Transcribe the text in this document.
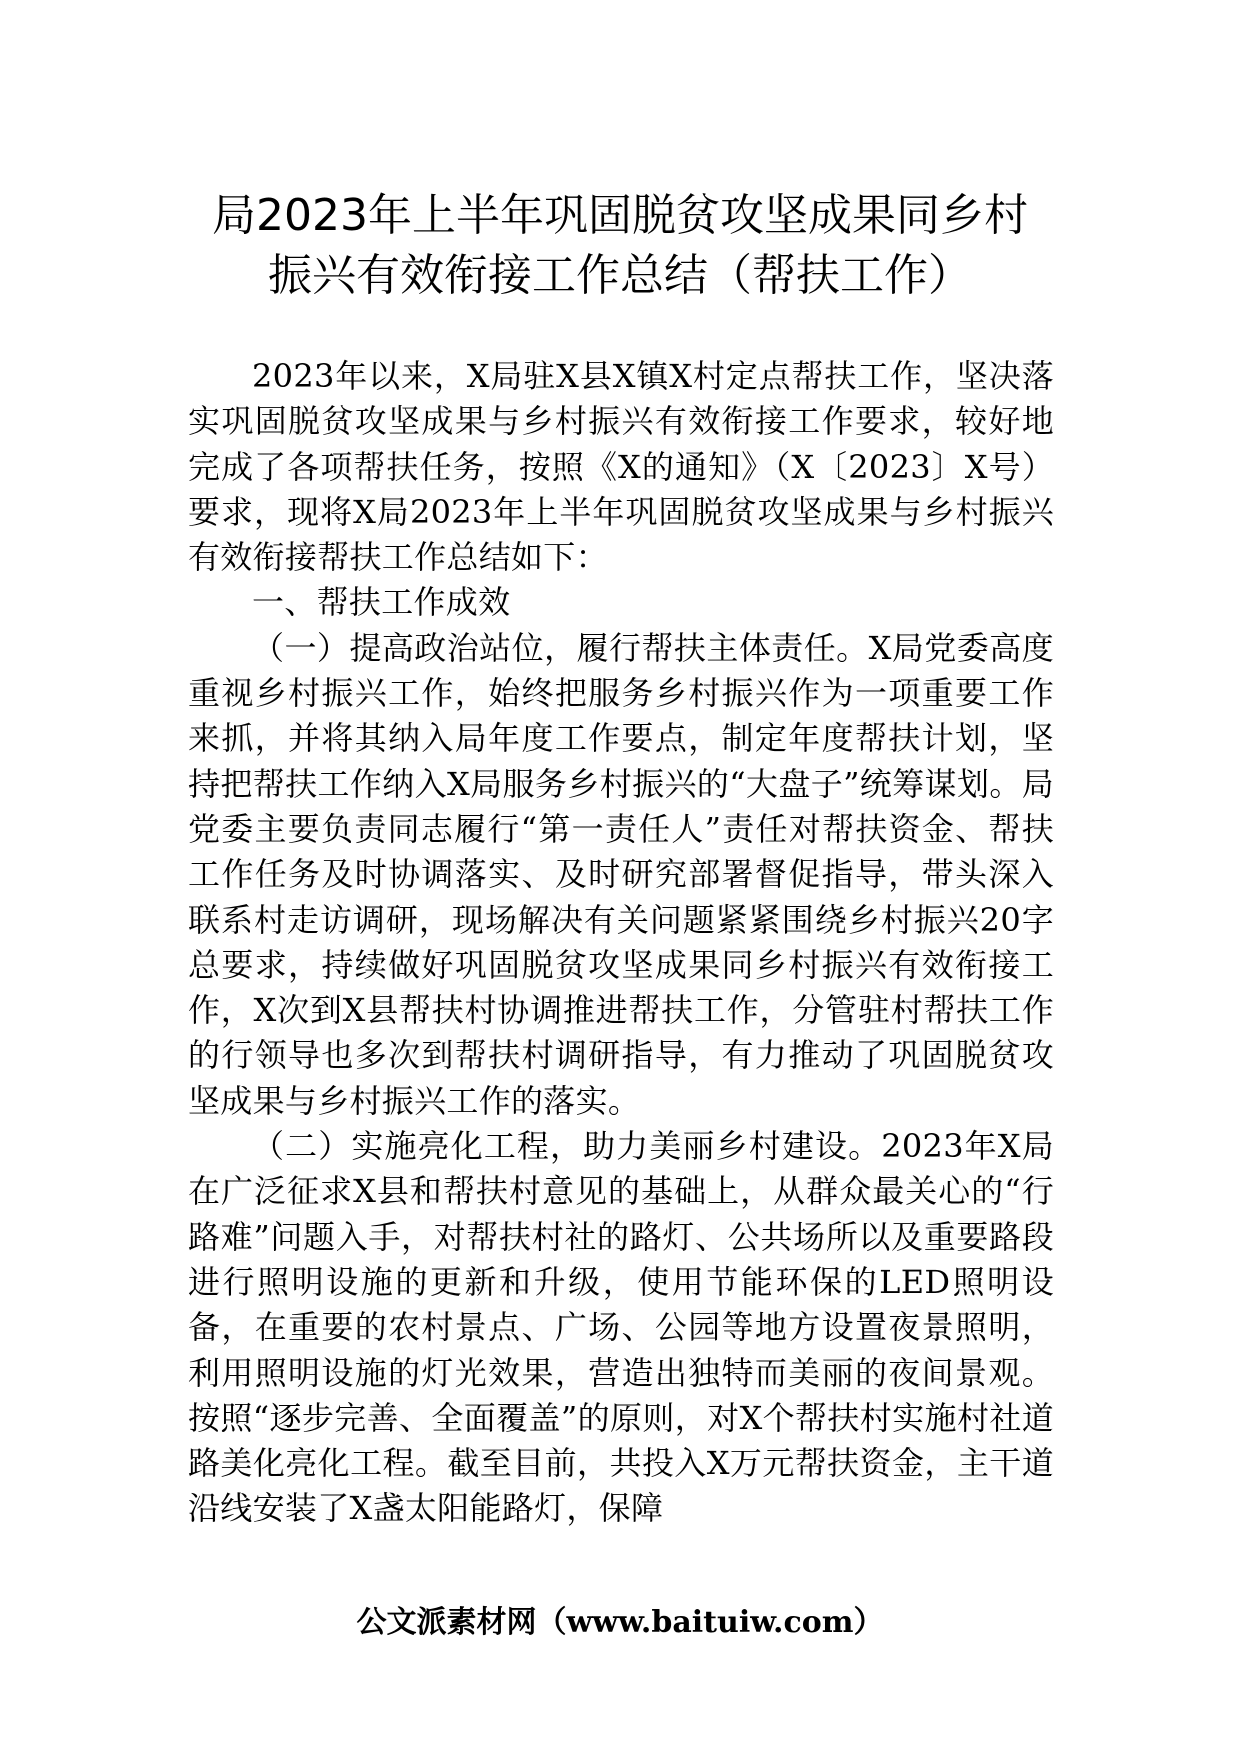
局2023年上半年巩固脱贫攻坚成果同乡村
振兴有效衔接工作总结（帮扶工作）

2023年以来，X局驻X县X镇X村定点帮扶工作，坚决落实巩固脱贫攻坚成果与乡村振兴有效衔接工作要求，较好地完成了各项帮扶任务，按照《X的通知》（X〔2023〕X号）要求，现将X局2023年上半年巩固脱贫攻坚成果与乡村振兴有效衔接帮扶工作总结如下：

一、帮扶工作成效

（一）提高政治站位，履行帮扶主体责任。X局党委高度重视乡村振兴工作，始终把服务乡村振兴作为一项重要工作来抓，并将其纳入局年度工作要点，制定年度帮扶计划，坚持把帮扶工作纳入X局服务乡村振兴的“大盘子”统筹谋划。局党委主要负责同志履行“第一责任人”责任对帮扶资金、帮扶工作任务及时协调落实、及时研究部署督促指导，带头深入联系村走访调研，现场解决有关问题紧紧围绕乡村振兴20字总要求，持续做好巩固脱贫攻坚成果同乡村振兴有效衔接工作，X次到X县帮扶村协调推进帮扶工作，分管驻村帮扶工作的行领导也多次到帮扶村调研指导，有力推动了巩固脱贫攻坚成果与乡村振兴工作的落实。

（二）实施亮化工程，助力美丽乡村建设。2023年X局在广泛征求X县和帮扶村意见的基础上，从群众最关心的“行路难”问题入手，对帮扶村社的路灯、公共场所以及重要路段进行照明设施的更新和升级，使用节能环保的LED照明设备，在重要的农村景点、广场、公园等地方设置夜景照明，利用照明设施的灯光效果，营造出独特而美丽的夜间景观。按照“逐步完善、全面覆盖”的原则，对X个帮扶村实施村社道路美化亮化工程。截至目前，共投入X万元帮扶资金，主干道沿线安装了X盏太阳能路灯，保障

公文派素材网（www.baituiw.com）
